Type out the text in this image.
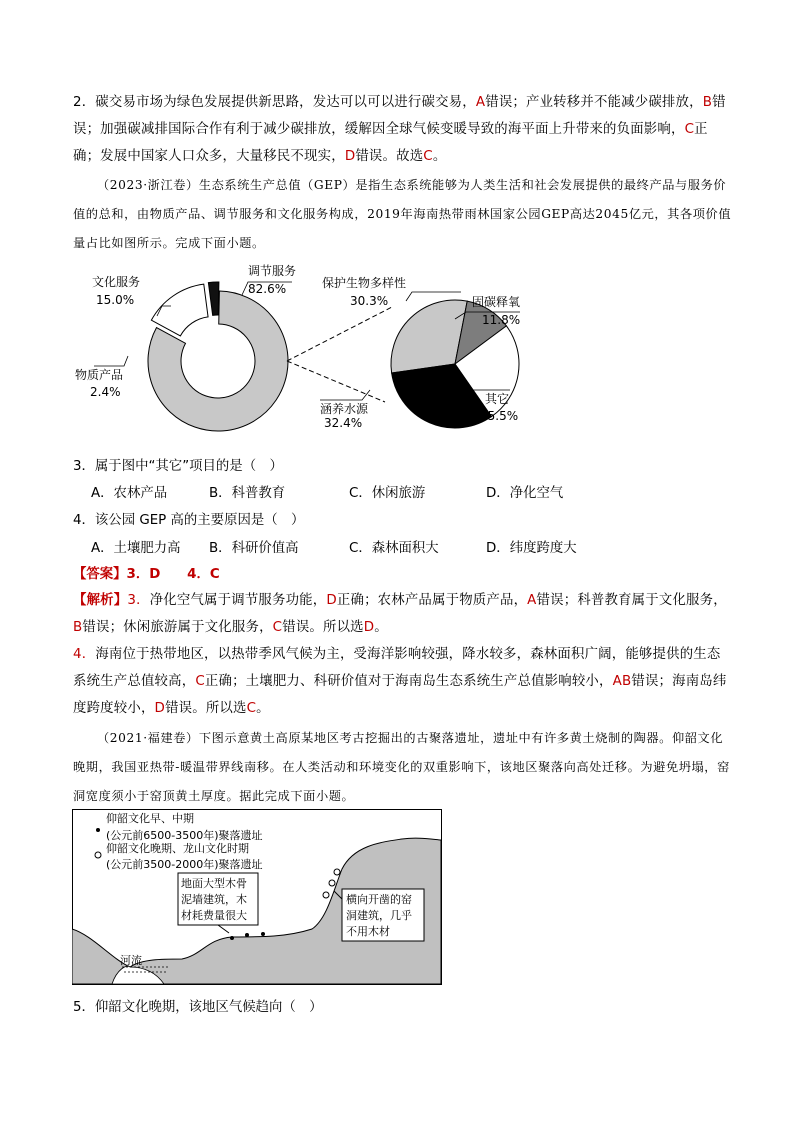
2．碳交易市场为绿色发展提供新思路，发达可以可以进行碳交易，A错误；产业转移并不能减少碳排放，B错误；加强碳减排国际合作有利于减少碳排放，缓解因全球气候变暖导致的海平面上升带来的负面影响，C正确；发展中国家人口众多，大量移民不现实，D错误。故选C。
（2023·浙江卷）生态系统生产总值（GEP）是指生态系统能够为人类生活和社会发展提供的最终产品与服务价值的总和，由物质产品、调节服务和文化服务构成，2019年海南热带雨林国家公园GEP高达2045亿元，其各项价值量占比如图所示。完成下面小题。
调节服务
82.6%
文化服务
15.0%
物质产品
2.4%
保护生物多样性
30.3%	固碳释氧
11.8%
其它
25.5%
涵养水源
32.4%
3．属于图中“其它”项目的是（　）
A．农林产品	B．科普教育	C．休闲旅游	D．净化空气
4．该公园 GEP 高的主要原因是（　）
A．土壤肥力高 B．科研价值高	C．森林面积大	D．纬度跨度大
【答案】3．D　　4．C
【解析】3．净化空气属于调节服务功能，D正确；农林产品属于物质产品，A错误；科普教育属于文化服务，B错误；休闲旅游属于文化服务，C错误。所以选D。
4．海南位于热带地区，以热带季风气候为主，受海洋影响较强，降水较多，森林面积广阔，能够提供的生态系统生产总值较高，C正确；土壤肥力、科研价值对于海南岛生态系统生产总值影响较小，AB错误；海南岛纬度跨度较小，D错误。所以选C。
（2021·福建卷）下图示意黄土高原某地区考古挖掘出的古聚落遗址，遗址中有许多黄土烧制的陶器。仰韶文化晚期，我国亚热带-暖温带界线南移。在人类活动和环境变化的双重影响下，该地区聚落向高处迁移。为避免坍塌，窑洞宽度须小于窑顶黄土厚度。据此完成下面小题。
河流
仰韶文化早、中期
(公元前6500-3500年)聚落遗址
仰韶文化晚期、龙山文化时期
(公元前3500-2000年)聚落遗址
地面大型木骨
泥墙建筑，木
材耗费量很大
横向开凿的窑
洞建筑，几乎
不用木材
5．仰韶文化晚期，该地区气候趋向（　）
